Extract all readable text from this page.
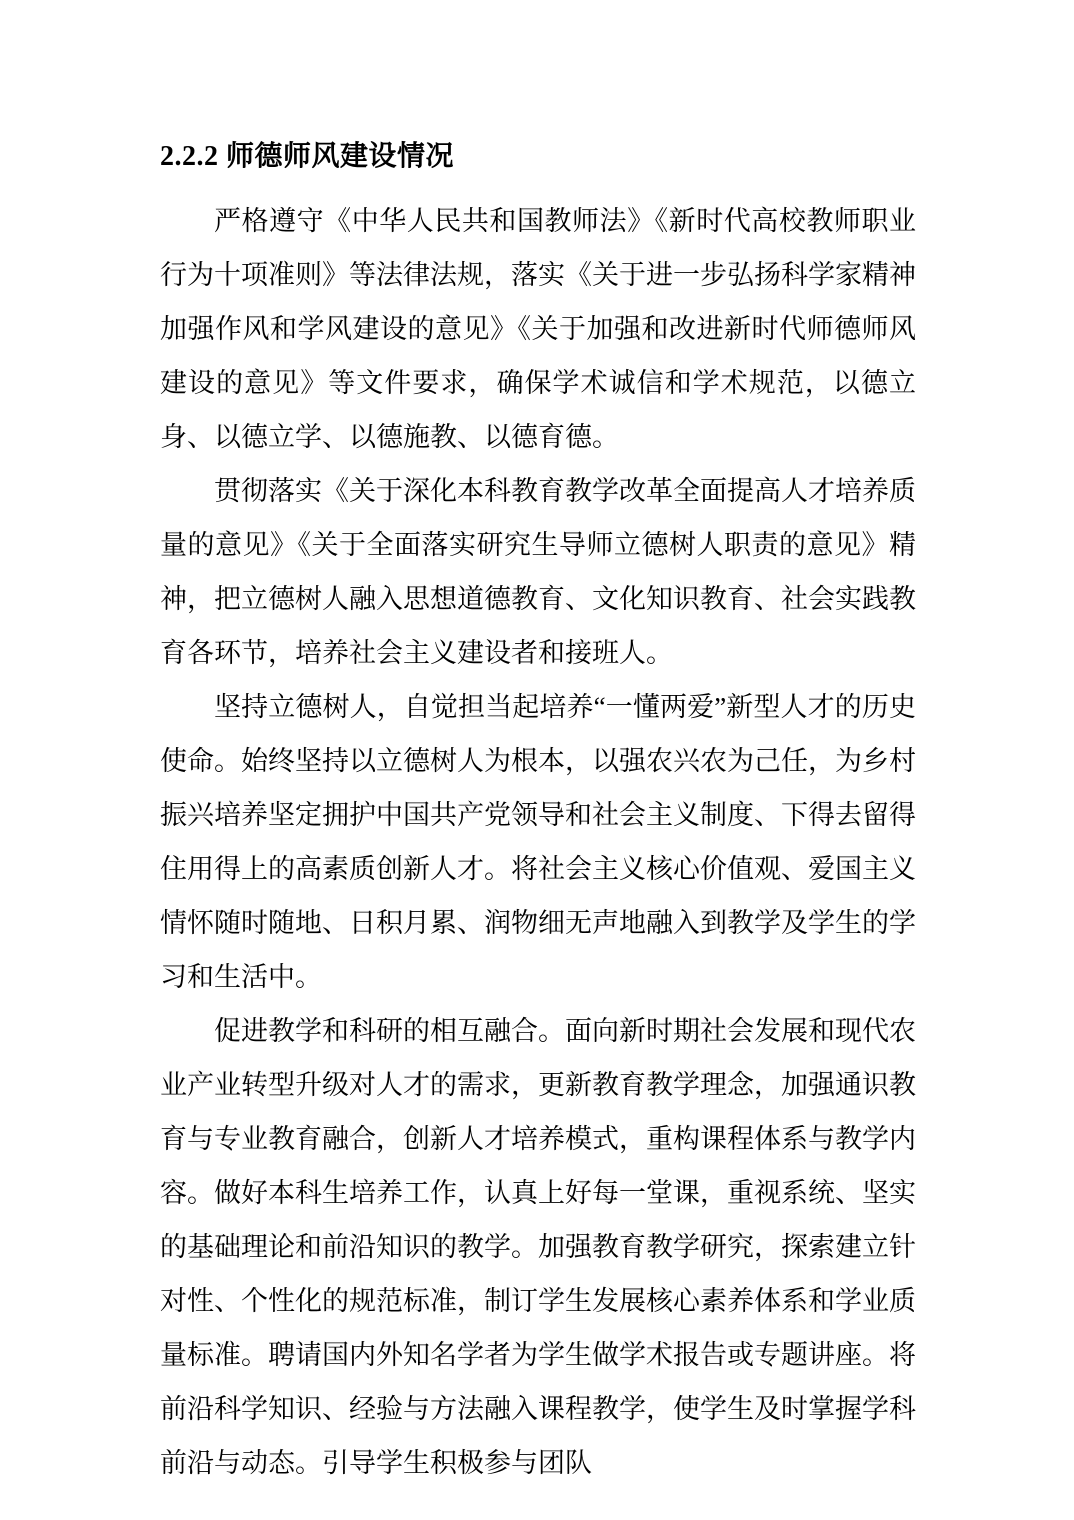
2.2.2 师德师风建设情况

严格遵守《中华人民共和国教师法》《新时代高校教师职业行为十项准则》等法律法规，落实《关于进一步弘扬科学家精神加强作风和学风建设的意见》《关于加强和改进新时代师德师风建设的意见》等文件要求，确保学术诚信和学术规范，以德立身、以德立学、以德施教、以德育德。

贯彻落实《关于深化本科教育教学改革全面提高人才培养质量的意见》《关于全面落实研究生导师立德树人职责的意见》精神，把立德树人融入思想道德教育、文化知识教育、社会实践教育各环节，培养社会主义建设者和接班人。

坚持立德树人，自觉担当起培养“一懂两爱”新型人才的历史使命。始终坚持以立德树人为根本，以强农兴农为己任，为乡村振兴培养坚定拥护中国共产党领导和社会主义制度、下得去留得住用得上的高素质创新人才。将社会主义核心价值观、爱国主义情怀随时随地、日积月累、润物细无声地融入到教学及学生的学习和生活中。

促进教学和科研的相互融合。面向新时期社会发展和现代农业产业转型升级对人才的需求，更新教育教学理念，加强通识教育与专业教育融合，创新人才培养模式，重构课程体系与教学内容。做好本科生培养工作，认真上好每一堂课，重视系统、坚实的基础理论和前沿知识的教学。加强教育教学研究，探索建立针对性、个性化的规范标准，制订学生发展核心素养体系和学业质量标准。聘请国内外知名学者为学生做学术报告或专题讲座。将前沿科学知识、经验与方法融入课程教学，使学生及时掌握学科前沿与动态。引导学生积极参与团队
